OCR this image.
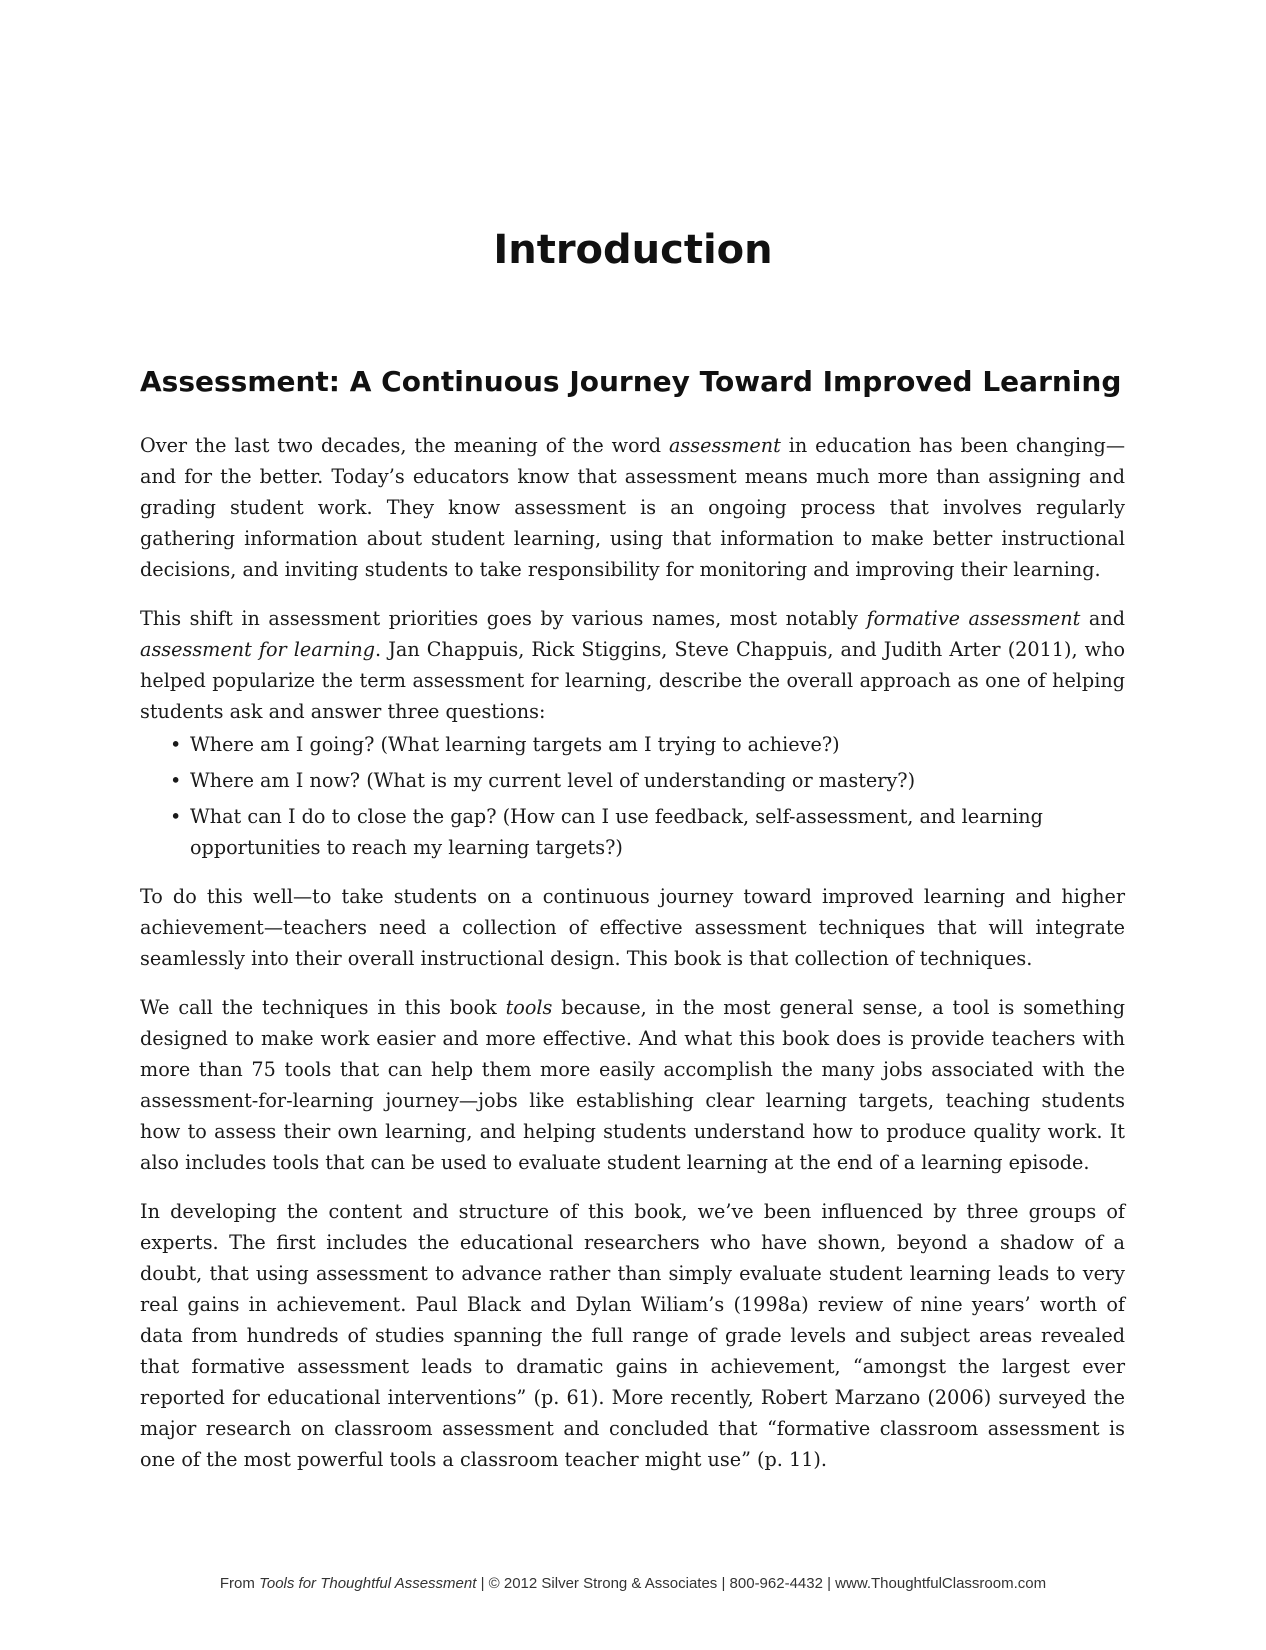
Introduction
Assessment: A Continuous Journey Toward Improved Learning

Over the last two decades, the meaning of the word assessment in education has been changing—and for the better. Today’s educators know that assessment means much more than assigning and grading student work. They know assessment is an ongoing process that involves regularly gathering information about student learning, using that information to make better instructional decisions, and inviting students to take responsibility for monitoring and improving their learning.

This shift in assessment priorities goes by various names, most notably formative assessment and assessment for learning. Jan Chappuis, Rick Stiggins, Steve Chappuis, and Judith Arter (2011), who helped popularize the term assessment for learning, describe the overall approach as one of helping students ask and answer three questions:

• Where am I going? (What learning targets am I trying to achieve?)
• Where am I now? (What is my current level of understanding or mastery?)
• What can I do to close the gap? (How can I use feedback, self-assessment, and learning opportunities to reach my learning targets?)

To do this well—to take students on a continuous journey toward improved learning and higher achievement—teachers need a collection of effective assessment techniques that will integrate seamlessly into their overall instructional design. This book is that collection of techniques.

We call the techniques in this book tools because, in the most general sense, a tool is something designed to make work easier and more effective. And what this book does is provide teachers with more than 75 tools that can help them more easily accomplish the many jobs associated with the assessment-for-learning journey—jobs like establishing clear learning targets, teaching students how to assess their own learning, and helping students understand how to produce quality work. It also includes tools that can be used to evaluate student learning at the end of a learning episode.

In developing the content and structure of this book, we’ve been influenced by three groups of experts. The first includes the educational researchers who have shown, beyond a shadow of a doubt, that using assessment to advance rather than simply evaluate student learning leads to very real gains in achievement. Paul Black and Dylan Wiliam’s (1998a) review of nine years’ worth of data from hundreds of studies spanning the full range of grade levels and subject areas revealed that formative assessment leads to dramatic gains in achievement, “amongst the largest ever reported for educational interventions” (p. 61). More recently, Robert Marzano (2006) surveyed the major research on classroom assessment and concluded that “formative classroom assessment is one of the most powerful tools a classroom teacher might use” (p. 11).

From Tools for Thoughtful Assessment | © 2012 Silver Strong & Associates | 800-962-4432 | www.ThoughtfulClassroom.com
